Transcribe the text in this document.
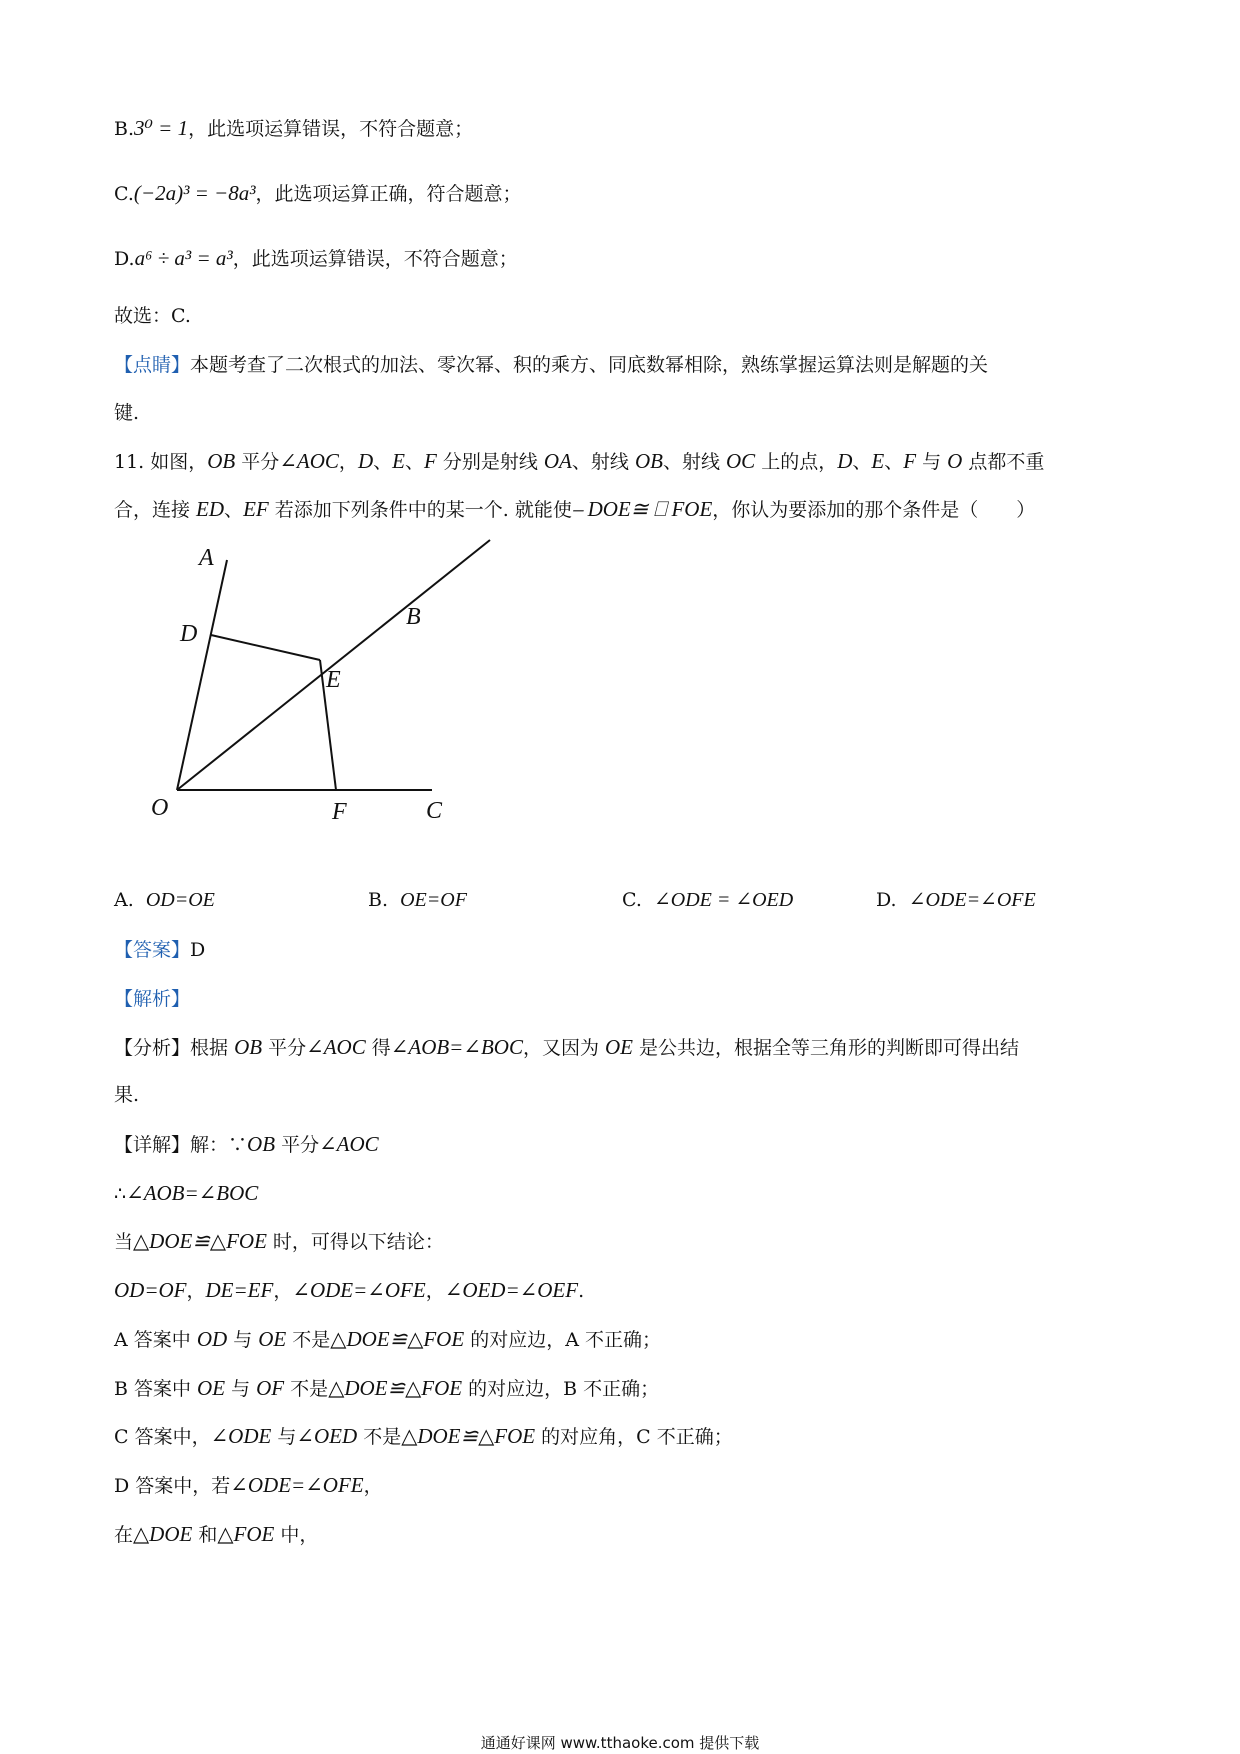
B.3⁰ = 1，此选项运算错误，不符合题意；
C.(−2a)³ = −8a³，此选项运算正确，符合题意；
D.a⁶ ÷ a³ = a³，此选项运算错误，不符合题意；
故选：C.
【点睛】本题考查了二次根式的加法、零次幂、积的乘方、同底数幂相除，熟练掌握运算法则是解题的关
键.
11. 如图，OB 平分∠AOC，D、E、F 分别是射线 OA、射线 OB、射线 OC 上的点，D、E、F 与 O 点都不重
合，连接 ED、EF 若添加下列条件中的某一个. 就能使⎯ DOE≅ ⎕ FOE，你认为要添加的那个条件是（　　）
A
B
C
D
E
F
O
A. OD=OE	B. OE=OF	C. ∠ODE = ∠OED	D. ∠ODE=∠OFE
【答案】D
【解析】
【分析】根据 OB 平分∠AOC 得∠AOB=∠BOC，又因为 OE 是公共边，根据全等三角形的判断即可得出结
果.
【详解】解：∵OB 平分∠AOC
∴∠AOB=∠BOC
当△DOE≌△FOE 时，可得以下结论：
OD=OF，DE=EF，∠ODE=∠OFE，∠OED=∠OEF.
A 答案中 OD 与 OE 不是△DOE≌△FOE 的对应边，A 不正确；
B 答案中 OE 与 OF 不是△DOE≌△FOE 的对应边，B 不正确；
C 答案中，∠ODE 与∠OED 不是△DOE≌△FOE 的对应角，C 不正确；
D 答案中，若∠ODE=∠OFE，
在△DOE 和△FOE 中，
通通好课网 www.tthaoke.com 提供下载
